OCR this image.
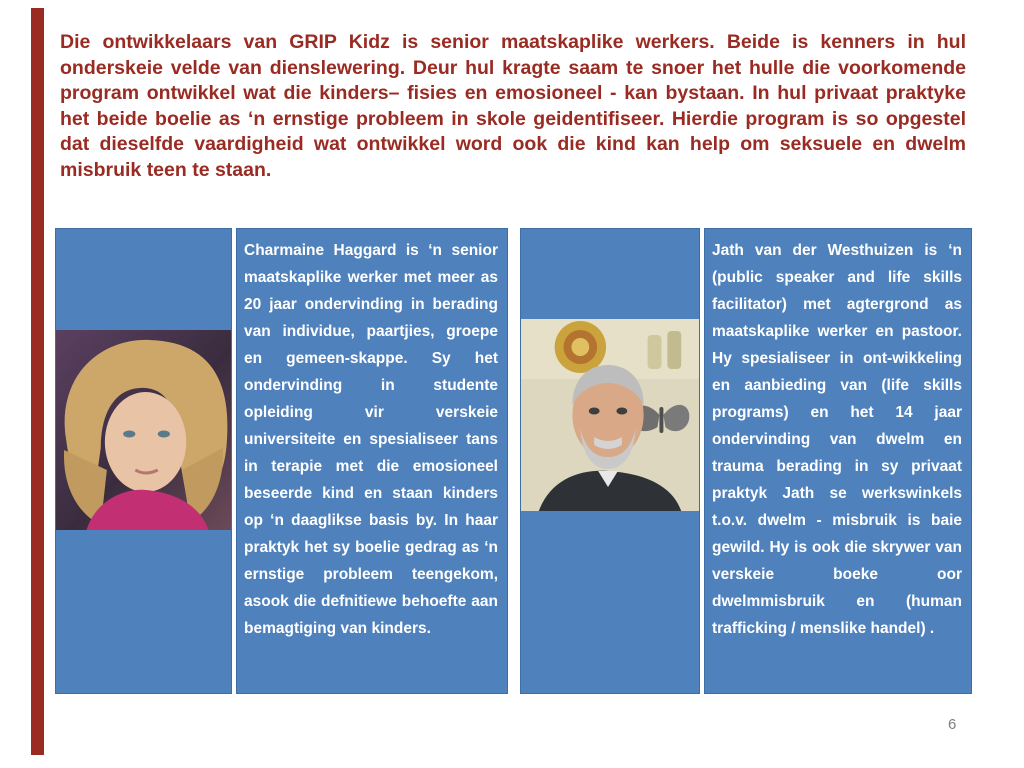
Die ontwikkelaars van GRIP Kidz is senior maatskaplike werkers. Beide is kenners in hul onderskeie velde van dienslewering. Deur hul kragte saam te snoer het hulle die voorkomende program ontwikkel wat die kinders– fisies en emosioneel - kan bystaan. In hul privaat praktyke het beide boelie as ‘n ernstige probleem in skole geidentifiseer. Hierdie program is so opgestel dat dieselfde vaardigheid wat ontwikkel word ook die kind kan help om seksuele en dwelm misbruik teen te staan.

Charmaine Haggard is ‘n senior maatskaplike werker met meer as 20 jaar ondervinding in berading van individue, paartjies, groepe en gemeen-skappe. Sy het ondervinding in studente opleiding vir verskeie universiteite en spesialiseer tans in terapie met die emosioneel beseerde kind en staan kinders op ‘n daaglikse basis by. In haar praktyk het sy boelie gedrag as ‘n ernstige probleem teengekom, asook die defnitiewe behoefte aan bemagtiging van kinders.

Jath van der Westhuizen is ‘n (public speaker and life skills facilitator) met agtergrond as maatskaplike werker en pastoor. Hy spesialiseer in ont-wikkeling en aanbieding van (life skills programs) en het 14 jaar ondervinding van dwelm en trauma berading in sy privaat praktyk Jath se werkswinkels t.o.v. dwelm - misbruik is baie gewild. Hy is ook die skrywer van verskeie boeke oor dwelmmisbruik en (human trafficking / menslike handel) .

6
